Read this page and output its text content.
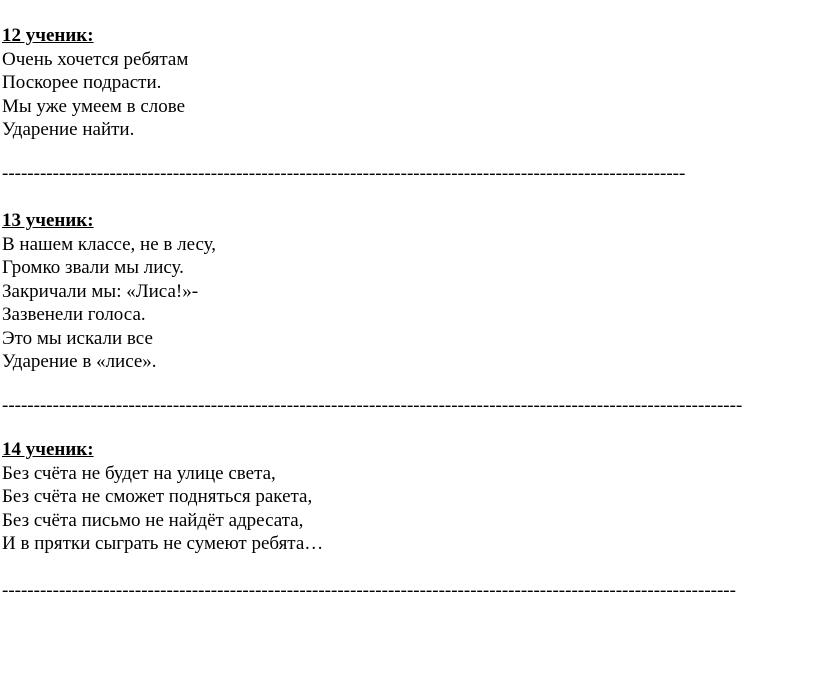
12 ученик:

Очень хочется ребятам

Поскорее подрасти.

Мы уже умеем в слове

Ударение найти.

------------------------------------------------------------------------------------------------------------

13 ученик:

В нашем классе, не в лесу,

Громко звали мы лису.

Закричали мы: «Лиса!»-

Зазвенели голоса.

Это мы искали все

Ударение в «лисе».

---------------------------------------------------------------------------------------------------------------------

14 ученик:

Без счёта не будет на улице света,

Без счёта не сможет подняться ракета,

Без счёта письмо не найдёт адресата,

И в прятки сыграть не сумеют ребята…

--------------------------------------------------------------------------------------------------------------------
